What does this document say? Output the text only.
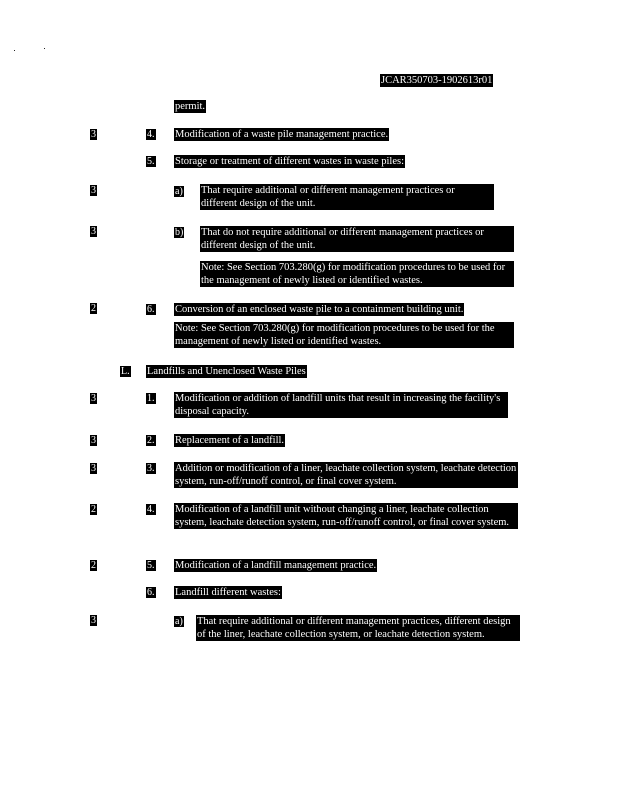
JCAR350703-1902613r01
permit.
3	4. Modification of a waste pile management practice.
5. Storage or treatment of different wastes in waste piles:
3	a) That require additional or different management practices or different design of the unit.
3	b) That do not require additional or different management practices or different design of the unit.
Note: See Section 703.280(g) for modification procedures to be used for the management of newly listed or identified wastes.
2	6. Conversion of an enclosed waste pile to a containment building unit.
Note: See Section 703.280(g) for modification procedures to be used for the management of newly listed or identified wastes.
L. Landfills and Unenclosed Waste Piles
3	1. Modification or addition of landfill units that result in increasing the facility's disposal capacity.
3	2. Replacement of a landfill.
3	3. Addition or modification of a liner, leachate collection system, leachate detection system, run-off/runoff control, or final cover system.
2	4. Modification of a landfill unit without changing a liner, leachate collection system, leachate detection system, run-off/runoff control, or final cover system.
2	5. Modification of a landfill management practice.
6. Landfill different wastes:
3	a) That require additional or different management practices, different design of the liner, leachate collection system, or leachate detection system.
